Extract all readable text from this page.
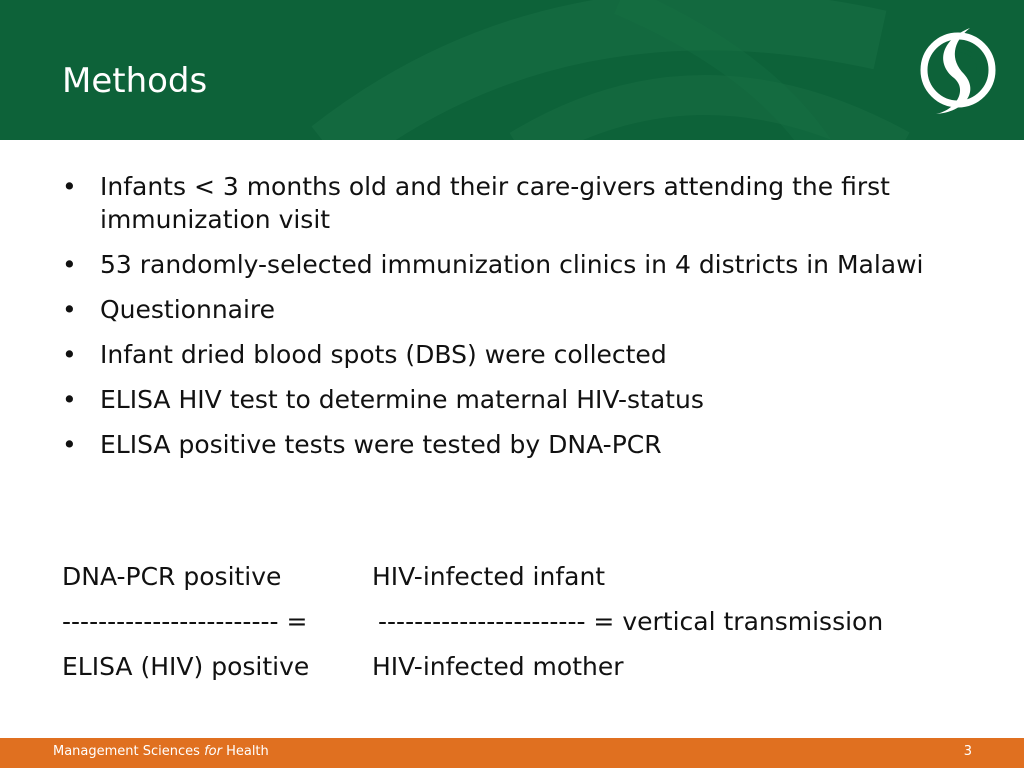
Methods
• Infants < 3 months old and their care-givers attending the first immunization visit
• 53 randomly-selected immunization clinics in 4 districts in Malawi
• Questionnaire
• Infant dried blood spots (DBS) were collected
• ELISA HIV test to determine maternal HIV-status
• ELISA positive tests were tested by DNA-PCR
DNA-PCR positive	HIV-infected infant
------------------------ =	----------------------- = vertical transmission
ELISA (HIV) positive	HIV-infected mother
Management Sciences for Health	3
